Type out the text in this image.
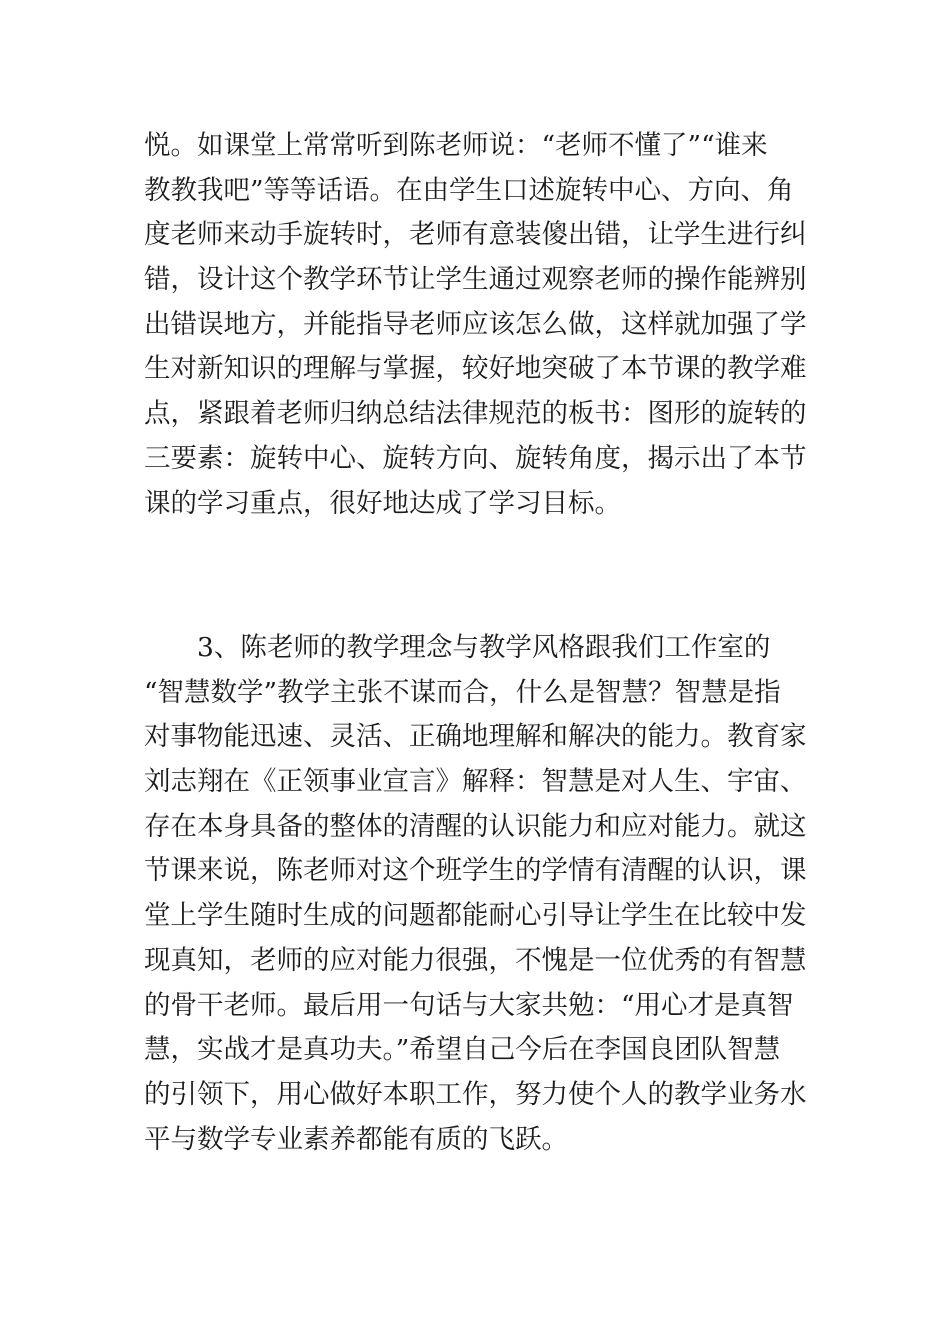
悦。如课堂上常常听到陈老师说：“老师不懂了”“谁来
教教我吧”等等话语。在由学生口述旋转中心、方向、角
度老师来动手旋转时，老师有意装傻出错，让学生进行纠
错，设计这个教学环节让学生通过观察老师的操作能辨别
出错误地方，并能指导老师应该怎么做，这样就加强了学
生对新知识的理解与掌握，较好地突破了本节课的教学难
点，紧跟着老师归纳总结法律规范的板书：图形的旋转的
三要素：旋转中心、旋转方向、旋转角度，揭示出了本节
课的学习重点，很好地达成了学习目标。

　　3、陈老师的教学理念与教学风格跟我们工作室的
“智慧数学”教学主张不谋而合，什么是智慧？智慧是指
对事物能迅速、灵活、正确地理解和解决的能力。教育家
刘志翔在《正领事业宣言》解释：智慧是对人生、宇宙、
存在本身具备的整体的清醒的认识能力和应对能力。就这
节课来说，陈老师对这个班学生的学情有清醒的认识，课
堂上学生随时生成的问题都能耐心引导让学生在比较中发
现真知，老师的应对能力很强，不愧是一位优秀的有智慧
的骨干老师。最后用一句话与大家共勉：“用心才是真智
慧，实战才是真功夫。”希望自己今后在李国良团队智慧
的引领下，用心做好本职工作，努力使个人的教学业务水
平与数学专业素养都能有质的飞跃。
